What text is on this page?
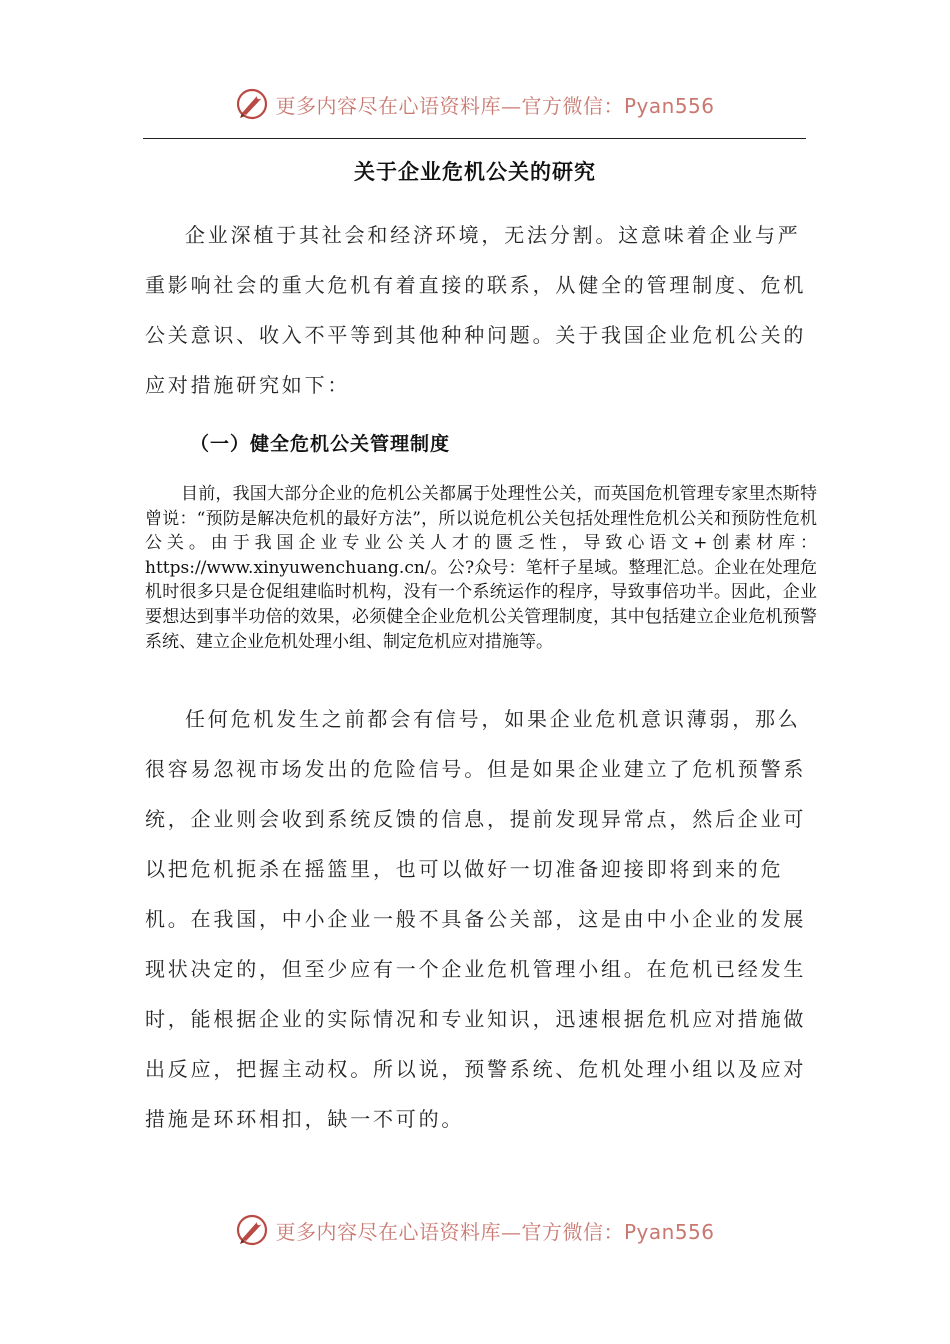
更多内容尽在心语资料库—官方微信：Pyan556
关于企业危机公关的研究

企业深植于其社会和经济环境，无法分割。这意味着企业与严重影响社会的重大危机有着直接的联系，从健全的管理制度、危机公关意识、收入不平等到其他种种问题。关于我国企业危机公关的应对措施研究如下：

（一）健全危机公关管理制度

目前，我国大部分企业的危机公关都属于处理性公关，而英国危机管理专家里杰斯特曾说：“预防是解决危机的最好方法”，所以说危机公关包括处理性危机公关和预防性危机公关。由于我国企业专业公关人才的匮乏性，导致心语文+创素材库：https://www.xinyuwenchuang.cn/。公?众号：笔杆子星域。整理汇总。企业在处理危机时很多只是仓促组建临时机构，没有一个系统运作的程序，导致事倍功半。因此，企业要想达到事半功倍的效果，必须健全企业危机公关管理制度，其中包括建立企业危机预警系统、建立企业危机处理小组、制定危机应对措施等。

任何危机发生之前都会有信号，如果企业危机意识薄弱，那么很容易忽视市场发出的危险信号。但是如果企业建立了危机预警系统，企业则会收到系统反馈的信息，提前发现异常点，然后企业可以把危机扼杀在摇篮里，也可以做好一切准备迎接即将到来的危机。在我国，中小企业一般不具备公关部，这是由中小企业的发展现状决定的，但至少应有一个企业危机管理小组。在危机已经发生时，能根据企业的实际情况和专业知识，迅速根据危机应对措施做出反应，把握主动权。所以说，预警系统、危机处理小组以及应对措施是环环相扣，缺一不可的。

更多内容尽在心语资料库—官方微信：Pyan556
